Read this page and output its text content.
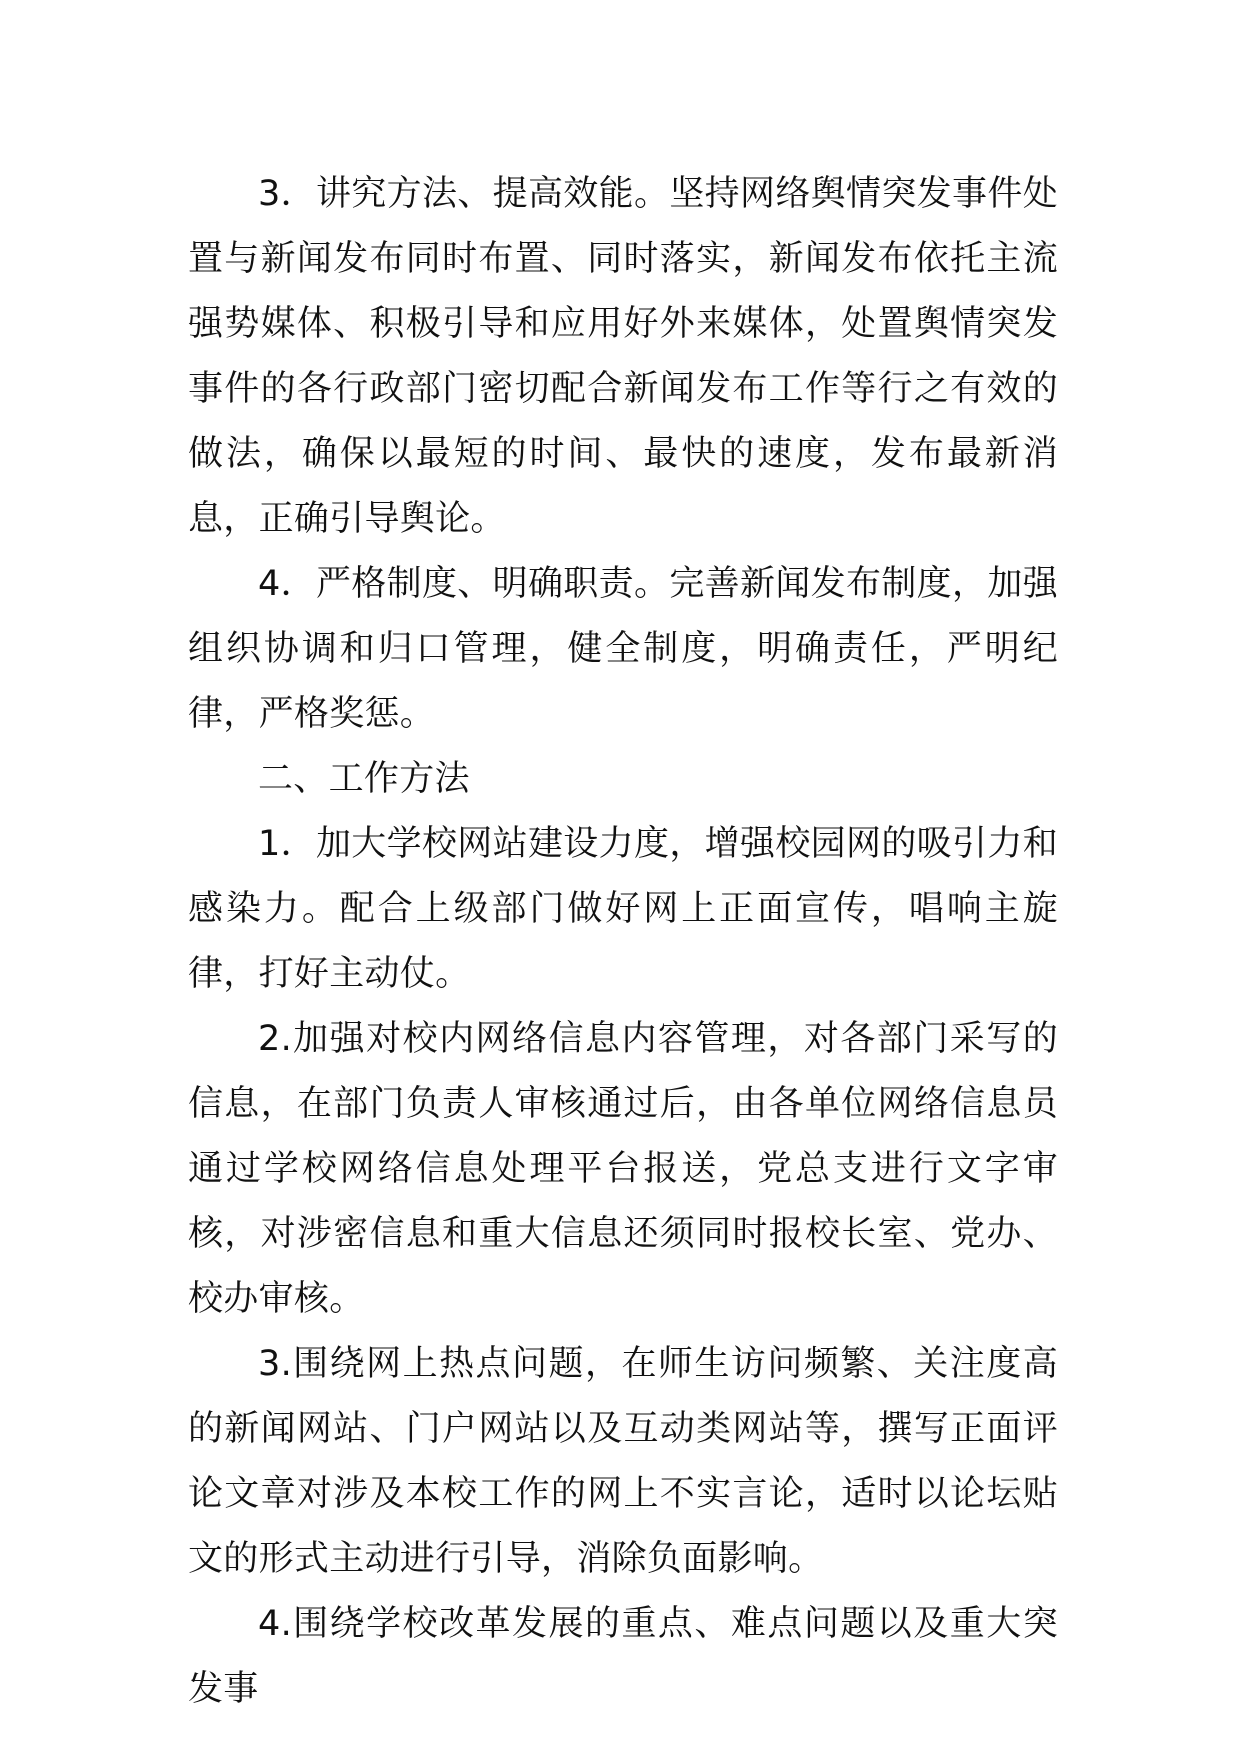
3．讲究方法、提高效能。坚持网络舆情突发事件处置与新闻发布同时布置、同时落实，新闻发布依托主流强势媒体、积极引导和应用好外来媒体，处置舆情突发事件的各行政部门密切配合新闻发布工作等行之有效的做法，确保以最短的时间、最快的速度，发布最新消息，正确引导舆论。

4．严格制度、明确职责。完善新闻发布制度，加强组织协调和归口管理，健全制度，明确责任，严明纪律，严格奖惩。

二、工作方法

1．加大学校网站建设力度，增强校园网的吸引力和感染力。配合上级部门做好网上正面宣传，唱响主旋律，打好主动仗。

2.加强对校内网络信息内容管理，对各部门采写的信息，在部门负责人审核通过后，由各单位网络信息员通过学校网络信息处理平台报送，党总支进行文字审核，对涉密信息和重大信息还须同时报校长室、党办、校办审核。

3.围绕网上热点问题，在师生访问频繁、关注度高的新闻网站、门户网站以及互动类网站等，撰写正面评论文章对涉及本校工作的网上不实言论，适时以论坛贴文的形式主动进行引导，消除负面影响。

4.围绕学校改革发展的重点、难点问题以及重大突发事
